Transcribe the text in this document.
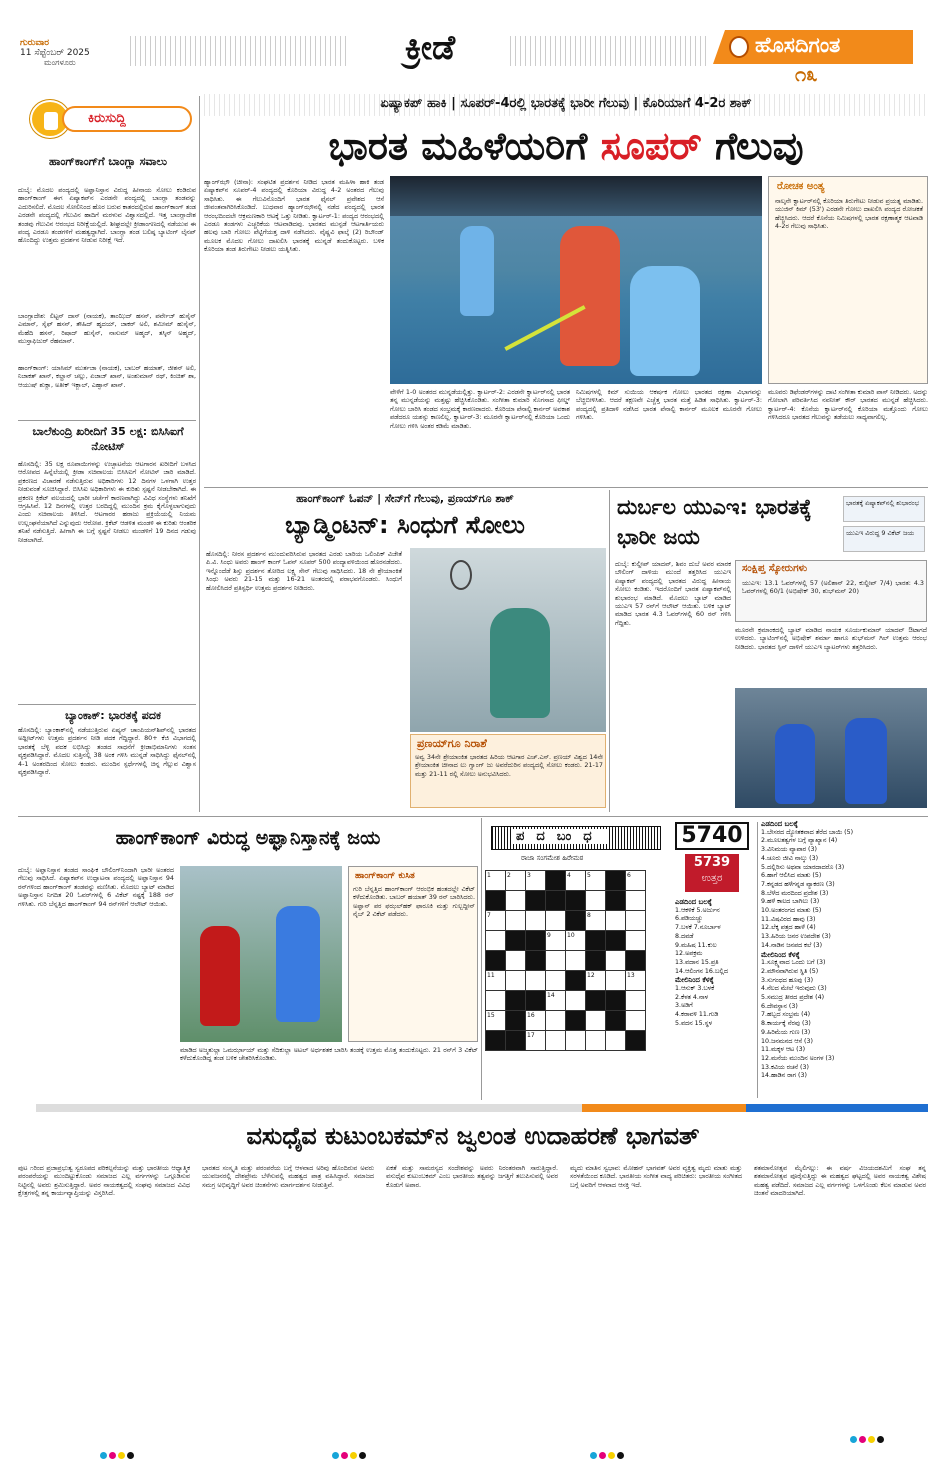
ಗುರುವಾರ
11 ಸೆಪ್ಟೆಂಬರ್ 2025
ಮಂಗಳೂರು	ಕ್ರೀಡೆ	ಹೊಸದಿಗಂತ
೧೩
ಕಿರುಸುದ್ದಿ
ಹಾಂಗ್‌ಕಾಂಗ್‌ಗೆ ಬಾಂಗ್ಲಾ ಸವಾಲು
ದುಬೈ: ಮೊದಲ ಪಂದ್ಯದಲ್ಲಿ ಅಫ್ಘಾನಿಸ್ತಾನ ವಿರುದ್ಧ ಹೀನಾಯ ಸೋಲು ಕಂಡಿರುವ ಹಾಂಗ್‌ಕಾಂಗ್ ಈಗ ಏಷ್ಯಾಕಪ್‌ನ ಎರಡನೇ ಪಂದ್ಯದಲ್ಲಿ ಬಾಂಗ್ಲಾ ತಂಡವನ್ನು ಎದುರಿಸಲಿದೆ. ಮೊದಲ ಸೋಲಿನಿಂದ ಹೊರ ಬರುವ ಕಾತರದಲ್ಲಿರುವ ಹಾಂಗ್‌ಕಾಂಗ್ ತಂಡ ಎರಡನೇ ಪಂದ್ಯದಲ್ಲಿ ಗೆಲುವಿನ ಹಾದಿಗೆ ಮರಳುವ ವಿಶ್ವಾಸದಲ್ಲಿದೆ. ಇತ್ತ ಬಾಂಗ್ಲಾದೇಶ ತಂಡವು ಗೆಲುವಿನ ಆರಂಭದ ನಿರೀಕ್ಷೆಯಲ್ಲಿದೆ. ಶೀಘ್ರದಲ್ಲೇ ಕ್ರೀಡಾಂಗಣದಲ್ಲಿ ನಡೆಯುವ ಈ ಪಂದ್ಯ ಎರಡೂ ತಂಡಗಳಿಗೆ ಮಹತ್ವದ್ದಾಗಿದೆ. ಬಾಂಗ್ಲಾ ತಂಡ ಬಲಿಷ್ಠ ಬ್ಯಾಟಿಂಗ್ ಲೈನಪ್ ಹೊಂದಿದ್ದು ಉತ್ತಮ ಪ್ರದರ್ಶನ ನೀಡುವ ನಿರೀಕ್ಷೆ ಇದೆ.
ಬಾಂಗ್ಲಾದೇಶ: ಲಿಟ್ಟನ್ ದಾಸ್ (ನಾಯಕ), ತಾಂಝಿದ್ ಹಸನ್, ಪರ್ವೇಜ್ ಹುಸೈನ್ ಎಮಾನ್, ಸೈಫ್ ಹಸನ್, ತೌಹಿದ್ ಹೃದಯ್, ಜಾಕರ್ ಅಲಿ, ಶಮೀಮ್ ಹುಸೈನ್, ಮೆಹೆದಿ ಹಸನ್, ರಿಷಾದ್ ಹುಸೈನ್, ನಾಸುಮ್ ಅಹ್ಮದ್, ತಸ್ಕಿನ್ ಅಹ್ಮದ್, ಮುಸ್ತಾಫಿಜುರ್ ರೆಹಮಾನ್.
ಹಾಂಗ್‌ಕಾಂಗ್: ಯಾಸಿಮ್ ಮುರ್ತಜಾ (ನಾಯಕ), ಬಾಬರ್ ಹಯಾತ್, ಜೀಶನ್ ಅಲಿ, ನಿಜಾಕತ್ ಖಾನ್, ಕಲ್ಹಾನ್ ಚಲ್ಲು, ಏಜಾಜ್ ಖಾನ್, ಅಂಶುಮಾನ್ ರಥ್, ಕಿಂಚಿತ್ ಶಾ, ಆಯುಷ್ ಶುಕ್ಲಾ, ಅತೀಕ್ ಇಕ್ಬಾಲ್, ಎಹ್ಸಾನ್ ಖಾನ್.
ಬಾಲೆಕುಂದ್ರಿ ಖರೀದಿಗೆ 35 ಲಕ್ಷ: ಬಿಸಿಸಿಐಗೆ ನೋಟಿಸ್
ಹೊಸದಿಲ್ಲಿ: 35 ಲಕ್ಷ ರೂಪಾಯಿಗಳನ್ನು ಉಚ್ಛಾಟನೆಯ ಆಟಗಾರನ ಖರೀದಿಗೆ ಬಳಸಿದ ಆರೋಪದ ಹಿನ್ನೆಲೆಯಲ್ಲಿ ಕ್ರೀಡಾ ಸಚಿವಾಲಯ ಬಿಸಿಸಿಐಗೆ ನೋಟಿಸ್ ಜಾರಿ ಮಾಡಿದೆ. ಪ್ರಕರಣದ ವಿಚಾರಣೆ ನಡೆಸುತ್ತಿರುವ ಅಧಿಕಾರಿಗಳು 12 ದಿನಗಳ ಒಳಗಾಗಿ ಉತ್ತರ ನೀಡುವಂತೆ ಸೂಚಿಸಿದ್ದಾರೆ. ಬಿಸಿಸಿಐ ಅಧಿಕಾರಿಗಳು ಈ ಕುರಿತು ಸ್ಪಷ್ಟನೆ ನೀಡಬೇಕಾಗಿದೆ. ಈ ಪ್ರಕರಣ ಕ್ರಿಕೆಟ್ ವಲಯದಲ್ಲಿ ಭಾರೀ ಚರ್ಚೆಗೆ ಕಾರಣವಾಗಿದ್ದು ವಿವಿಧ ಸಂಸ್ಥೆಗಳು ತನಿಖೆಗೆ ಆಗ್ರಹಿಸಿವೆ. 12 ದಿನಗಳಲ್ಲಿ ಉತ್ತರ ಬರದಿದ್ದಲ್ಲಿ ಮುಂದಿನ ಕ್ರಮ ಕೈಗೊಳ್ಳಲಾಗುವುದು ಎಂದು ಸಚಿವಾಲಯ ತಿಳಿಸಿದೆ. ಆಟಗಾರರ ಹರಾಜು ಪ್ರಕ್ರಿಯೆಯಲ್ಲಿ ನಿಯಮ ಉಲ್ಲಂಘನೆಯಾಗಿದೆ ಎನ್ನುವುದು ಆರೋಪ. ಕ್ರಿಕೆಟ್ ಆಡಳಿತ ಮಂಡಳಿ ಈ ಕುರಿತು ಆಂತರಿಕ ತನಿಖೆ ನಡೆಸುತ್ತಿದೆ. ಹೀಗಾಗಿ ಈ ಬಗ್ಗೆ ಸ್ಪಷ್ಟನೆ ನೀಡಲು ಮಂಡಳಿಗೆ 19 ದಿನದ ಗಡುವು ನೀಡಲಾಗಿದೆ.
ಬ್ಯಾಂಕಾಕ್: ಭಾರತಕ್ಕೆ ಪದಕ
ಹೊಸದಿಲ್ಲಿ: ಬ್ಯಾಂಕಾಕ್‌ನಲ್ಲಿ ನಡೆಯುತ್ತಿರುವ ಏಷ್ಯನ್ ಚಾಂಪಿಯನ್‌ಶಿಪ್‌ನಲ್ಲಿ ಭಾರತದ ಅಥ್ಲೀಟ್‌ಗಳು ಉತ್ತಮ ಪ್ರದರ್ಶನ ನೀಡಿ ಪದಕ ಗೆದ್ದಿದ್ದಾರೆ. 80+ ಕೆಜಿ ವಿಭಾಗದಲ್ಲಿ ಭಾರತಕ್ಕೆ ಬೆಳ್ಳಿ ಪದಕ ಲಭಿಸಿದ್ದು ತಂಡದ ಸಾಧನೆಗೆ ಕ್ರೀಡಾಭಿಮಾನಿಗಳು ಸಂತಸ ವ್ಯಕ್ತಪಡಿಸಿದ್ದಾರೆ. ಮೊದಲ ಸುತ್ತಿನಲ್ಲಿ 38 ಅಂಕ ಗಳಿಸಿ ಮುನ್ನಡೆ ಸಾಧಿಸಿದ್ದು ಫೈನಲ್‌ನಲ್ಲಿ 4-1 ಅಂತರದಿಂದ ಸೋಲು ಕಂಡರು. ಮುಂದಿನ ಸ್ಪರ್ಧೆಗಳಲ್ಲಿ ಚಿನ್ನ ಗೆಲ್ಲುವ ವಿಶ್ವಾಸ ವ್ಯಕ್ತಪಡಿಸಿದ್ದಾರೆ.
ಏಷ್ಯಾಕಪ್ ಹಾಕಿ | ಸೂಪರ್-4ರಲ್ಲಿ ಭಾರತಕ್ಕೆ ಭಾರೀ ಗೆಲುವು | ಕೊರಿಯಾಗೆ 4-2ರ ಶಾಕ್
ಭಾರತ ಮಹಿಳೆಯರಿಗೆ ಸೂಪರ್ ಗೆಲುವು
ಹ್ಯಾಂಗ್‌ಝೌ (ಚೀನಾ): ಸಂಘಟಿತ ಪ್ರದರ್ಶನ ನೀಡಿದ ಭಾರತ ಮಹಿಳಾ ಹಾಕಿ ತಂಡ ಏಷ್ಯಾಕಪ್‌ನ ಸೂಪರ್-4 ಪಂದ್ಯದಲ್ಲಿ ಕೊರಿಯಾ ವಿರುದ್ಧ 4-2 ಅಂತರದ ಗೆಲುವು ಸಾಧಿಸಿತು. ಈ ಗೆಲುವಿನೊಂದಿಗೆ ಭಾರತ ಫೈನಲ್ ಪ್ರವೇಶದ ಆಸೆ ಜೀವಂತವಾಗಿರಿಸಿಕೊಂಡಿದೆ. ಬುಧವಾರ ಹ್ಯಾಂಗ್‌ಝೌನಲ್ಲಿ ನಡೆದ ಪಂದ್ಯದಲ್ಲಿ ಭಾರತ ಆರಂಭದಿಂದಲೇ ಆಕ್ರಮಣಕಾರಿ ಆಟಕ್ಕೆ ಒತ್ತು ನೀಡಿತು. ಕ್ವಾರ್ಟರ್-1: ಪಂದ್ಯದ ಆರಂಭದಲ್ಲಿ ಎರಡೂ ತಂಡಗಳು ಎಚ್ಚರಿಕೆಯ ಆಟವಾಡಿದವು. ಭಾರತದ ಮುನ್ಪಡೆ ಆಟಗಾರ್ತಿಯರು ಹಲವು ಬಾರಿ ಗೋಲು ಪೆಟ್ಟಿಗೆಯತ್ತ ದಾಳಿ ನಡೆಸಿದರು. ವೈಷ್ಣವಿ ಫಾಲ್ಕೆ (2) ರಿಬೌಂಡ್ ಮೂಲಕ ಮೊದಲ ಗೋಲು ದಾಖಲಿಸಿ ಭಾರತಕ್ಕೆ ಮುನ್ನಡೆ ತಂದುಕೊಟ್ಟರು. ಬಳಿಕ ಕೊರಿಯಾ ತಂಡ ತಿರುಗೇಟು ನೀಡಲು ಯತ್ನಿಸಿತು.
ರೋಚಕ ಅಂತ್ಯ
ನಾಲ್ಕನೇ ಕ್ವಾರ್ಟರ್‌ನಲ್ಲಿ ಕೊರಿಯಾ ತಿರುಗೇಟು ನೀಡುವ ಪ್ರಯತ್ನ ಮಾಡಿತು. ಯುಜಿನ್ ಕಿಮ್ (53') ಎರಡನೇ ಗೋಲು ದಾಖಲಿಸಿ ಪಂದ್ಯದ ರೋಚಕತೆ ಹೆಚ್ಚಿಸಿದರು. ಆದರೆ ಕೊನೆಯ ನಿಮಿಷಗಳಲ್ಲಿ ಭಾರತ ರಕ್ಷಣಾತ್ಮಕ ಆಟವಾಡಿ 4-2ರ ಗೆಲುವು ಸಾಧಿಸಿತು.
ವೇಳೆಗೆ 1-0 ಅಂತರದ ಮುನ್ನಡೆಯಲ್ಲಿತ್ತು. ಕ್ವಾರ್ಟರ್-2: ಎರಡನೇ ಕ್ವಾರ್ಟರ್‌ನಲ್ಲಿ ಭಾರತ ತನ್ನ ಮುನ್ನಡೆಯನ್ನು ಮತ್ತಷ್ಟು ಹೆಚ್ಚಿಸಿಕೊಂಡಿತು. ಸಂಗೀತಾ ಕುಮಾರಿ ಸೊಗಸಾದ ಫೀಲ್ಡ್ ಗೋಲು ಬಾರಿಸಿ ತಂಡದ ಸಂಭ್ರಮಕ್ಕೆ ಕಾರಣರಾದರು. ಕೊರಿಯಾ ಪೆನಾಲ್ಟಿ ಕಾರ್ನರ್ ಅವಕಾಶ ಪಡೆದರೂ ಯಶಸ್ಸು ಕಾಣಲಿಲ್ಲ. ಕ್ವಾರ್ಟರ್-3: ಮೂರನೇ ಕ್ವಾರ್ಟರ್‌ನಲ್ಲಿ ಕೊರಿಯಾ ಒಂದು ಗೋಲು ಗಳಿಸಿ ಅಂತರ ಕಡಿಮೆ ಮಾಡಿತು.
ನಿಮಿಷಗಳಲ್ಲಿ ಕಿಮ್ ಸುಯಿಯ ಆಕರ್ಷಕ ಗೋಲು ಭಾರತದ ರಕ್ಷಣಾ ವಿಭಾಗವನ್ನು ಬೆಚ್ಚಿಬೀಳಿಸಿತು. ಆದರೆ ತಕ್ಷಣವೇ ಎಚ್ಚೆತ್ತ ಭಾರತ ಮತ್ತೆ ಹಿಡಿತ ಸಾಧಿಸಿತು. ಕ್ವಾರ್ಟರ್-3: ಪಂದ್ಯದಲ್ಲಿ ಪ್ರತಿದಾಳಿ ನಡೆಸಿದ ಭಾರತ ಪೆನಾಲ್ಟಿ ಕಾರ್ನರ್ ಮೂಲಕ ಮೂರನೇ ಗೋಲು ಗಳಿಸಿತು.
ಮೂವರು ಡಿಫೆಂಡರ್‌ಗಳನ್ನು ದಾಟಿ ಸಂಗೀತಾ ಕುಮಾರಿ ಪಾಸ್ ನೀಡಿದರು. ಅದನ್ನು ಗೋಲಾಗಿ ಪರಿವರ್ತಿಸಿದ ನವನೀತ್ ಕೌರ್ ಭಾರತದ ಮುನ್ನಡೆ ಹೆಚ್ಚಿಸಿದರು. ಕ್ವಾರ್ಟರ್-4: ಕೊನೆಯ ಕ್ವಾರ್ಟರ್‌ನಲ್ಲಿ ಕೊರಿಯಾ ಮತ್ತೊಂದು ಗೋಲು ಗಳಿಸಿದರೂ ಭಾರತದ ಗೆಲುವನ್ನು ತಡೆಯಲು ಸಾಧ್ಯವಾಗಲಿಲ್ಲ.
ಹಾಂಗ್‌ಕಾಂಗ್ ಓಪನ್ | ಸೇನ್‌ಗೆ ಗೆಲುವು, ಪ್ರಣಯ್‌ಗೂ ಶಾಕ್
ಬ್ಯಾಡ್ಮಿಂಟನ್: ಸಿಂಧುಗೆ ಸೋಲು
ಹೊಸದಿಲ್ಲಿ: ನೀರಸ ಪ್ರದರ್ಶನ ಮುಂದುವರಿಸಿರುವ ಭಾರತದ ಎರಡು ಬಾರಿಯ ಒಲಿಂಪಿಕ್ ವಿಜೇತೆ ಪಿ.ವಿ. ಸಿಂಧು ಅವರು ಹಾಂಗ್ ಕಾಂಗ್ ಓಪನ್ ಸೂಪರ್ 500 ಪಂದ್ಯಾವಳಿಯಿಂದ ಹೊರನಡೆದರು. ಇನ್ನೊಂದೆಡೆ ಶಿಸ್ತು ಪ್ರದರ್ಶನ ತೋರಿದ ಲಕ್ಷ್ಯ ಸೇನ್ ಗೆಲುವು ಸಾಧಿಸಿದರು. 18 ನೇ ಶ್ರೇಯಾಂಕಿತೆ ಸಿಂಧು ಅವರು 21-15 ಮತ್ತು 16-21 ಅಂತರದಲ್ಲಿ ಪರಾಭವಗೊಂಡರು. ಸಿಂಧುಗೆ ಹೋಲಿಸಿದರೆ ಪ್ರತಿಸ್ಪರ್ಧಿ ಉತ್ತಮ ಪ್ರದರ್ಶನ ನೀಡಿದರು.
ಪ್ರಣಯ್‌ಗೂ ನಿರಾಶೆ
ಅವ್ವ 34ನೇ ಶ್ರೇಯಾಂಕಿತ ಭಾರತದ ಹಿರಿಯ ಆಟಗಾರ ಎಚ್.ಎಸ್. ಪ್ರಣಯ್ ವಿಶ್ವದ 14ನೇ ಶ್ರೇಯಾಂಕಿತ ಚೀನಾದ ಲು ಗ್ವಾಂಗ್ ಜು ಅವರೆದುರಿನ ಪಂದ್ಯದಲ್ಲಿ ಸೋಲು ಕಂಡರು. 21-17 ಮತ್ತು 21-11 ರಲ್ಲಿ ಸೋಲು ಅನುಭವಿಸಿದರು.
ದುರ್ಬಲ ಯುಎಇ: ಭಾರತಕ್ಕೆ ಭಾರೀ ಜಯ
ಭಾರತಕ್ಕೆ ಏಷ್ಯಾಕಪ್‌ನಲ್ಲಿ ಶುಭಾರಂಭ
ಯುಎಇ ವಿರುದ್ಧ 9 ವಿಕೆಟ್ ಜಯ
ದುಬೈ: ಕುಲ್ದೀಪ್ ಯಾದವ್, ಶಿವಂ ದುಬೆ ಅವರ ಮಾರಕ ಬೌಲಿಂಗ್ ದಾಳಿಯ ಮುಂದೆ ತತ್ತರಿಸಿದ ಯುಎಇ ಏಷ್ಯಾಕಪ್ ಪಂದ್ಯದಲ್ಲಿ ಭಾರತದ ವಿರುದ್ಧ ಹೀನಾಯ ಸೋಲು ಕಂಡಿತು. ಇದರೊಂದಿಗೆ ಭಾರತ ಏಷ್ಯಾಕಪ್‌ನಲ್ಲಿ ಶುಭಾರಂಭ ಮಾಡಿದೆ. ಮೊದಲು ಬ್ಯಾಟ್ ಮಾಡಿದ ಯುಎಇ 57 ರನ್‌ಗೆ ಆಲೌಟ್ ಆಯಿತು. ಬಳಿಕ ಬ್ಯಾಟ್ ಮಾಡಿದ ಭಾರತ 4.3 ಓವರ್‌ಗಳಲ್ಲಿ 60 ರನ್ ಗಳಿಸಿ ಗೆದ್ದಿತು.
ಸಂಕ್ಷಿಪ್ತ ಸ್ಕೋರುಗಳು
ಯುಎಇ: 13.1 ಓವರ್‌ಗಳಲ್ಲಿ 57 (ಅಲಿಶಾನ್ 22, ಕುಲ್ದೀಪ್ 7/4) ಭಾರತ: 4.3 ಓವರ್‌ಗಳಲ್ಲಿ 60/1 (ಅಭಿಷೇಕ್ 30, ಶುಭ್‌ಮನ್ 20)
ಮೂರನೇ ಕ್ರಮಾಂಕದಲ್ಲಿ ಬ್ಯಾಟ್ ಮಾಡಿದ ನಾಯಕ ಸೂರ್ಯಕುಮಾರ್ ಯಾದವ್ ಔಟಾಗದೆ ಉಳಿದರು. ಬ್ಯಾಟಿಂಗ್‌ನಲ್ಲಿ ಅಭಿಷೇಕ್ ಶರ್ಮಾ ಹಾಗೂ ಶುಭ್‌ಮನ್ ಗಿಲ್ ಉತ್ತಮ ಆರಂಭ ನೀಡಿದರು. ಭಾರತದ ಸ್ಪಿನ್ ದಾಳಿಗೆ ಯುಎಇ ಬ್ಯಾಟರ್‌ಗಳು ತತ್ತರಿಸಿದರು.
ಹಾಂಗ್‌ಕಾಂಗ್ ವಿರುದ್ಧ ಅಫ್ಘಾನಿಸ್ತಾನಕ್ಕೆ ಜಯ
ದುಬೈ: ಅಫ್ಘಾನಿಸ್ತಾನ ತಂಡದ ಸಾಂಘಿಕ ಬೌಲಿಂಗ್‌ನಿಂದಾಗಿ ಭಾರೀ ಅಂತರದ ಗೆಲುವು ಸಾಧಿಸಿದೆ. ಏಷ್ಯಾಕಪ್‌ನ ಉದ್ಘಾಟನಾ ಪಂದ್ಯದಲ್ಲಿ ಅಫ್ಘಾನಿಸ್ತಾನ 94 ರನ್‌ಗಳಿಂದ ಹಾಂಗ್‌ಕಾಂಗ್ ತಂಡವನ್ನು ಮಣಿಸಿತು. ಮೊದಲು ಬ್ಯಾಟ್ ಮಾಡಿದ ಅಫ್ಘಾನಿಸ್ತಾನ ನಿಗದಿತ 20 ಓವರ್‌ಗಳಲ್ಲಿ 6 ವಿಕೆಟ್ ನಷ್ಟಕ್ಕೆ 188 ರನ್ ಗಳಿಸಿತು. ಗುರಿ ಬೆನ್ನತ್ತಿದ ಹಾಂಗ್‌ಕಾಂಗ್ 94 ರನ್‌ಗಳಿಗೆ ಆಲೌಟ್ ಆಯಿತು.
ಹಾಂಗ್‌ಕಾಂಗ್ ಕುಸಿತ
ಗುರಿ ಬೆನ್ನತ್ತಿದ ಹಾಂಗ್‌ಕಾಂಗ್ ಆರಂಭಿಕ ಹಂತದಲ್ಲೇ ವಿಕೆಟ್ ಕಳೆದುಕೊಂಡಿತು. ಬಾಬರ್ ಹಯಾತ್ 39 ರನ್ ಬಾರಿಸಿದರು. ಅಫ್ಘಾನ್ ಪರ ಫಝಲ್‌ಹಕ್ ಫಾರೂಕಿ ಮತ್ತು ಗುಲ್ಬದ್ದೀನ್ ನೈಬ್ 2 ವಿಕೆಟ್ ಪಡೆದರು.
ಮಾಡಿದ ಅಜ್ಮತುಲ್ಲಾ ಒಮರ್ಝಾಯ್ ಮತ್ತು ಸೆದಿಕುಲ್ಲಾ ಅಟಲ್ ಅರ್ಧಶತಕ ಬಾರಿಸಿ ತಂಡಕ್ಕೆ ಉತ್ತಮ ಮೊತ್ತ ತಂದುಕೊಟ್ಟರು. 21 ರನ್‌ಗೆ 3 ವಿಕೆಟ್ ಕಳೆದುಕೊಂಡಿದ್ದ ತಂಡ ಬಳಿಕ ಚೇತರಿಸಿಕೊಂಡಿತು.
ಪದಬಂಧ
ರಾಜಾ ಸಂಗಮೇಶ ಹಿರೇಮಠ
1	2	3		4	5		6

7					8		
			9	10			

11					12		13
			14				
15		16					
		17					
5740
5739
ಉತ್ತರ
ಎಡದಿಂದ ಬಲಕ್ಕೆ
1.ಆಕಳಿಕೆ 5.ಅರ್ಜುನ
6.ಪಡಿಯಚ್ಚು
7.ಬಳಕೆ 7.ನೂರ್ಬಾಳ
8.ದವಡೆ
9.ಮಹಿಷ 11.ಕುಲ
12.ಅಪಕ್ರಮ
13.ವದಾನ 15.ಪ್ರತಿ
14.ಆಲಿಂಗನ 16.ಬಲ್ಲಿದ
ಮೇಲಿನಿಂದ ಕೆಳಕ್ಕೆ
1.ಆಸುಕ್ 3.ಬಳಕೆ
2.ಕೆಳತ 4.ನಾಳ
3.ಅಡಿಗೆ
4.ಕರಾವಳಿ 11.ಗುಡಿ
5.ವದನ 15.ಸ್ಥಳ
ಎಡದಿಂದ ಬಲಕ್ಕೆ
1.ಬೇಸರದ ದ್ಯೋತಕವಾದ ತೆರೆದ ಬಾಯಿ (5)
2.ಮೂಲತತ್ವಗಳ ಬಗ್ಗೆ ವ್ಯಾಖ್ಯಾನ (4)
3.ವಿನಿಮಯ ವ್ಯಾಪಾರ (3)
4.ಚೂರು ಜೀವಿ ನಾಲ್ಕು (3)
5.ದಲ್ಲಿರಿಸು ಅಥವಾ ಯಾರದಾದರೊ (3)
6.ಹಾಗೆ ಆಲಿಸಿದ ಮಾತು (5)
7.ಕನ್ನಡದ ಹಳೆಗನ್ನಡ ವ್ಯಾಕರಣ (3)
8.ಬೆಳೆದ ಮರದಿಂದ ಪ್ರದೇಶ (3)
9.ಹಳೆ ಕಾಲದ ಬಾಗಿಲು (3)
10.ಅಂತರಂಗದ ಮಾತು (5)
11.ವಿಷವಿರದ ಹಾವು (3)
12.ಲೆಕ್ಕ ಪತ್ರದ ಹಾಳೆ (4)
13.ಹಿರಿಯ ಜನರ ಉಪದೇಶ (3)
14.ನಾಡಿನ ಜನಪದ ಕಲೆ (3)
ಮೇಲಿನಿಂದ ಕೆಳಕ್ಕೆ
1.ಸೂಕ್ಷ್ಮವಾದ ಒಂದು ಬಗೆ (3)
2.ಮೌನವಾಗಿರುವ ಸ್ಥಿತಿ (5)
3.ಸುಗಂಧದ ಹೂವು (3)
4.ನೆಲದ ಮೇಲೆ ಇರುವುದು (3)
5.ಸಮುದ್ರ ತೀರದ ಪ್ರದೇಶ (4)
6.ದೇವಸ್ಥಾನ (3)
7.ಹಬ್ಬದ ಸಂಭ್ರಮ (4)
8.ಕಾರ್ಯಕ್ಕೆ ನೆರವು (3)
9.ಹಿರಿಮೆಯ ಗುಣ (3)
10.ಜನಮನದ ಆಸೆ (3)
11.ಮಕ್ಕಳ ಆಟ (3)
12.ಮನೆಯ ಮುಂದಿನ ಅಂಗಳ (3)
13.ಕವಿಯ ರಚನೆ (3)
14.ಹಾಡಿನ ರಾಗ (3)
ವಸುಧೈವ ಕುಟುಂಬಕಮ್‌ನ ಜ್ವಲಂತ ಉದಾಹರಣೆ ಭಾಗವತ್
ಪುಟ ೧ರಿಂದ ಪ್ರಜಾಪ್ರಭುತ್ವ ಸ್ವರೂಪದ ಪರಿಕಲ್ಪನೆಯನ್ನು ಮತ್ತು ಭಾರತೀಯ ಆಧ್ಯಾತ್ಮಿಕ ಪರಂಪರೆಯನ್ನು ಮುಂದಿಟ್ಟುಕೊಂಡು ಸಮಾಜದ ಎಲ್ಲ ವರ್ಗಗಳನ್ನು ಒಗ್ಗೂಡಿಸುವ ನಿಟ್ಟಿನಲ್ಲಿ ಅವರು ಶ್ರಮಿಸುತ್ತಿದ್ದಾರೆ. ಅವರ ನಾಯಕತ್ವದಲ್ಲಿ ಸಂಘವು ಸಮಾಜದ ವಿವಿಧ ಕ್ಷೇತ್ರಗಳಲ್ಲಿ ತನ್ನ ಕಾರ್ಯವ್ಯಾಪ್ತಿಯನ್ನು ವಿಸ್ತರಿಸಿದೆ.
ಭಾರತದ ಸಂಸ್ಕೃತಿ ಮತ್ತು ಪರಂಪರೆಯ ಬಗ್ಗೆ ಆಳವಾದ ಅರಿವು ಹೊಂದಿರುವ ಅವರು ಯುವಜನರಲ್ಲಿ ದೇಶಪ್ರೇಮ ಬೆಳೆಸುವಲ್ಲಿ ಮಹತ್ವದ ಪಾತ್ರ ವಹಿಸಿದ್ದಾರೆ. ಸಮಾಜದ ಸಮಗ್ರ ಅಭಿವೃದ್ಧಿಗೆ ಅವರ ಚಿಂತನೆಗಳು ಮಾರ್ಗದರ್ಶನ ನೀಡುತ್ತಿವೆ.
ಏಕತೆ ಮತ್ತು ಸಾಮರಸ್ಯದ ಸಂದೇಶವನ್ನು ಅವರು ನಿರಂತರವಾಗಿ ಸಾರುತ್ತಿದ್ದಾರೆ. ವಸುಧೈವ ಕುಟುಂಬಕಮ್ ಎಂಬ ಭಾರತೀಯ ತತ್ವವನ್ನು ಜಗತ್ತಿಗೆ ತಲುಪಿಸುವಲ್ಲಿ ಅವರ ಕೊಡುಗೆ ಅಪಾರ.
ಮೃದು ಮಾತಿನ ಸ್ವಭಾವ: ಮೋಹನ್ ಭಾಗವತ್ ಅವರ ವ್ಯಕ್ತಿತ್ವ ಮೃದು ಮಾತು ಮತ್ತು ಸರಳತೆಯಿಂದ ಕೂಡಿದೆ. ಭಾರತೀಯ ಸಂಗೀತ ವಾದ್ಯ ಪರಿಚಿತರು: ಭಾರತೀಯ ಸಂಗೀತದ ಬಗ್ಗೆ ಅವರಿಗೆ ಆಳವಾದ ಆಸಕ್ತಿ ಇದೆ.
ಶತಮಾನೋತ್ಸವ ಮೈಲಿಗಲ್ಲು: ಈ ವರ್ಷ ವಿಜಯದಶಮಿಗೆ ಸಂಘ ತನ್ನ ಶತಮಾನೋತ್ಸವ ಪೂರೈಸುತ್ತಿದ್ದು ಈ ಮಹತ್ವದ ಘಟ್ಟದಲ್ಲಿ ಅವರ ನಾಯಕತ್ವ ವಿಶೇಷ ಮಹತ್ವ ಪಡೆದಿದೆ. ಸಮಾಜದ ಎಲ್ಲ ವರ್ಗಗಳನ್ನು ಒಳಗೊಂಡು ಕೆಲಸ ಮಾಡುವ ಅವರ ಚಿಂತನೆ ಮಾದರಿಯಾಗಿದೆ.
